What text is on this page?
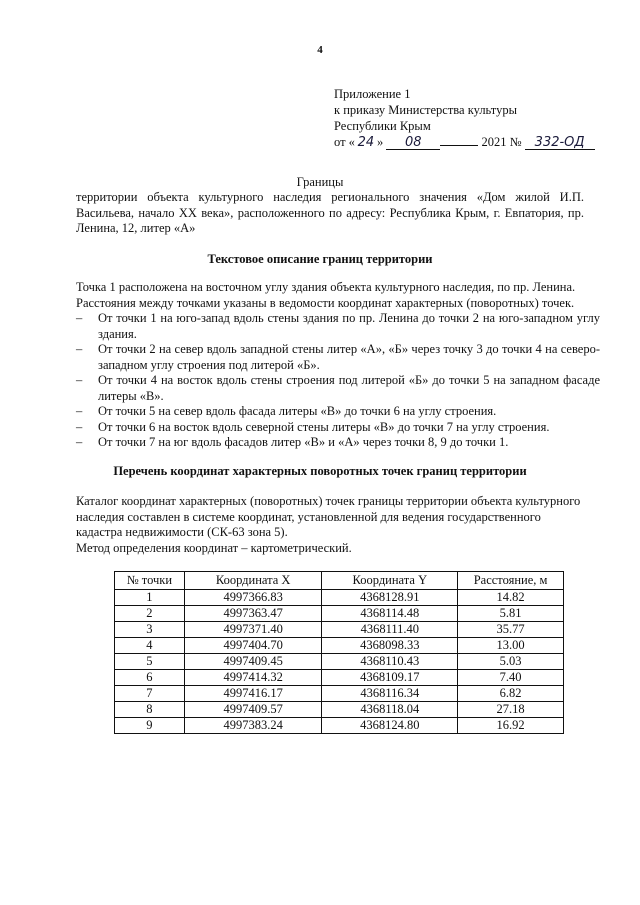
4
Приложение 1
к приказу Министерства культуры
Республики Крым
от « 24 » 08	2021 № 332-ОД
Границы
территории объекта культурного наследия регионального значения «Дом жилой И.П. Васильева, начало XX века», расположенного по адресу: Республика Крым, г. Евпатория, пр. Ленина, 12, литер «А»
Текстовое описание границ территории
Точка 1 расположена на восточном углу здания объекта культурного наследия, по пр. Ленина.
Расстояния между точками указаны в ведомости координат характерных (поворотных) точек.
– От точки 1 на юго-запад вдоль стены здания по пр. Ленина до точки 2 на юго-западном углу здания.
– От точки 2 на север вдоль западной стены литер «А», «Б» через точку 3 до точки 4 на северо-западном углу строения под литерой «Б».
– От точки 4 на восток вдоль стены строения под литерой «Б» до точки 5 на западном фасаде литеры «В».
– От точки 5 на север вдоль фасада литеры «В» до точки 6 на углу строения.
– От точки 6 на восток вдоль северной стены литеры «В» до точки 7 на углу строения.
– От точки 7 на юг вдоль фасадов литер «В» и «А» через точки 8, 9 до точки 1.
Перечень координат характерных поворотных точек границ территории
Каталог координат характерных (поворотных) точек границы территории объекта культурного
наследия составлен в системе координат, установленной для ведения государственного
кадастра недвижимости (СК-63 зона 5).
Метод определения координат – картометрический.
№ точки	Координата X	Координата Y	Расстояние, м
1	4997366.83	4368128.91	14.82
2	4997363.47	4368114.48	5.81
3	4997371.40	4368111.40	35.77
4	4997404.70	4368098.33	13.00
5	4997409.45	4368110.43	5.03
6	4997414.32	4368109.17	7.40
7	4997416.17	4368116.34	6.82
8	4997409.57	4368118.04	27.18
9	4997383.24	4368124.80	16.92
